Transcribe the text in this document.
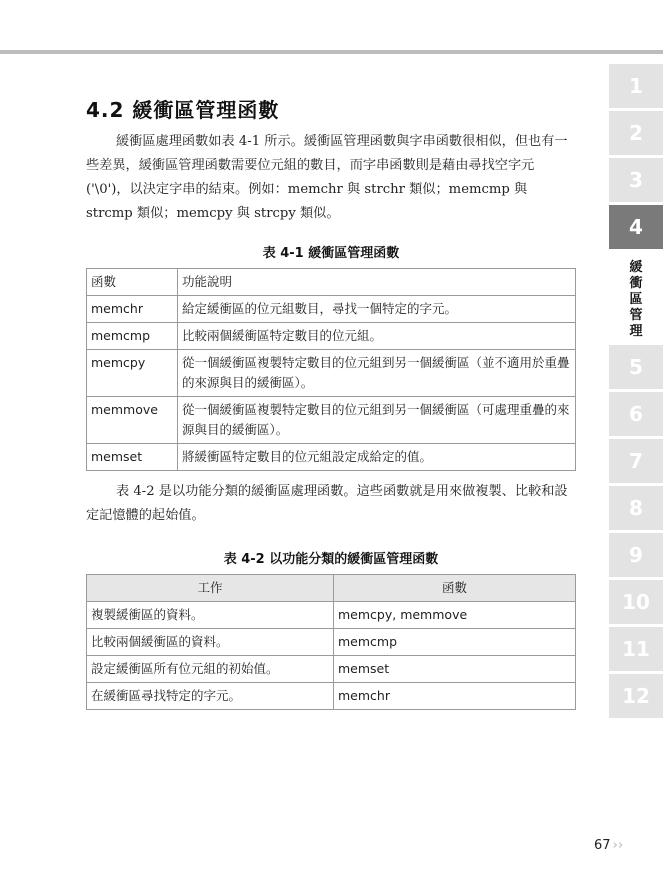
4.2 緩衝區管理函數
緩衝區處理函數如表 4-1 所示。緩衝區管理函數與字串函數很相似，但也有一些差異，緩衝區管理函數需要位元組的數目，而字串函數則是藉由尋找空字元('\0')，以決定字串的結束。例如：memchr 與 strchr 類似；memcmp 與 strcmp 類似；memcpy 與 strcpy 類似。
表 4-1 緩衝區管理函數
函數	功能說明
memchr	給定緩衝區的位元組數目，尋找一個特定的字元。
memcmp	比較兩個緩衝區特定數目的位元組。
memcpy	從一個緩衝區複製特定數目的位元組到另一個緩衝區（並不適用於重疊的來源與目的緩衝區）。
memmove	從一個緩衝區複製特定數目的位元組到另一個緩衝區（可處理重疊的來源與目的緩衝區）。
memset	將緩衝區特定數目的位元組設定成給定的值。
表 4-2 是以功能分類的緩衝區處理函數。這些函數就是用來做複製、比較和設定記憶體的起始值。
表 4-2 以功能分類的緩衝區管理函數
工作	函數
複製緩衝區的資料。	memcpy, memmove
比較兩個緩衝區的資料。	memcmp
設定緩衝區所有位元組的初始值。	memset
在緩衝區尋找特定的字元。	memchr
1
2
3
4
5
6
7
8
9
10
11
12
緩
衝
區
管
理
67 ››
